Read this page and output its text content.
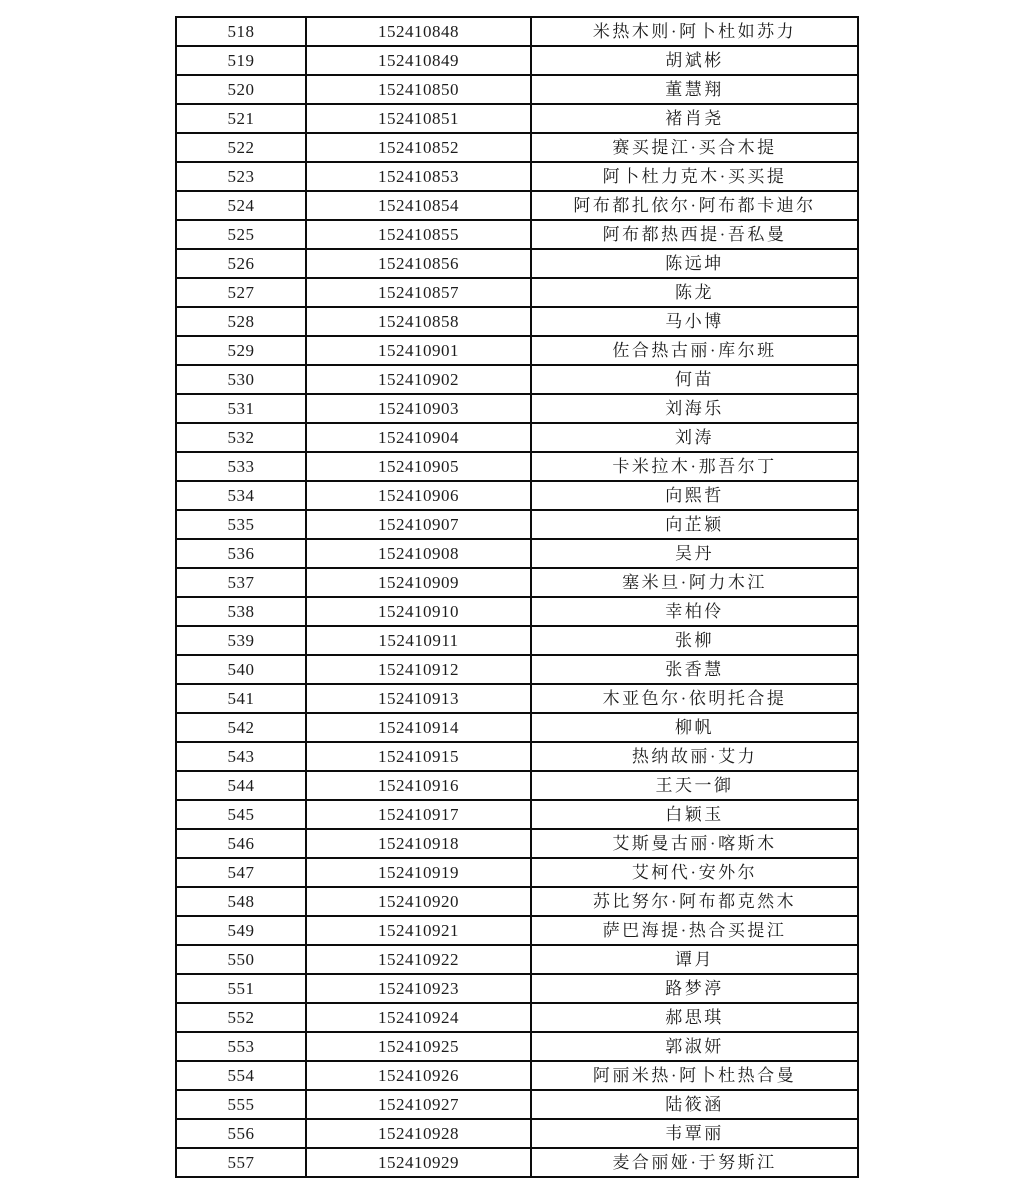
518	152410848	米热木则·阿卜杜如苏力
519	152410849	胡斌彬
520	152410850	董慧翔
521	152410851	褚肖尧
522	152410852	赛买提江·买合木提
523	152410853	阿卜杜力克木·买买提
524	152410854	阿布都扎依尔·阿布都卡迪尔
525	152410855	阿布都热西提·吾私曼
526	152410856	陈远坤
527	152410857	陈龙
528	152410858	马小博
529	152410901	佐合热古丽·库尔班
530	152410902	何苗
531	152410903	刘海乐
532	152410904	刘涛
533	152410905	卡米拉木·那吾尔丁
534	152410906	向熙哲
535	152410907	向芷颍
536	152410908	吴丹
537	152410909	塞米旦·阿力木江
538	152410910	幸柏伶
539	152410911	张柳
540	152410912	张香慧
541	152410913	木亚色尔·依明托合提
542	152410914	柳帆
543	152410915	热纳故丽·艾力
544	152410916	王天一御
545	152410917	白颖玉
546	152410918	艾斯曼古丽·喀斯木
547	152410919	艾柯代·安外尔
548	152410920	苏比努尔·阿布都克然木
549	152410921	萨巴海提·热合买提江
550	152410922	谭月
551	152410923	路梦渟
552	152410924	郝思琪
553	152410925	郭淑妍
554	152410926	阿丽米热·阿卜杜热合曼
555	152410927	陆筱涵
556	152410928	韦覃丽
557	152410929	麦合丽娅·于努斯江
